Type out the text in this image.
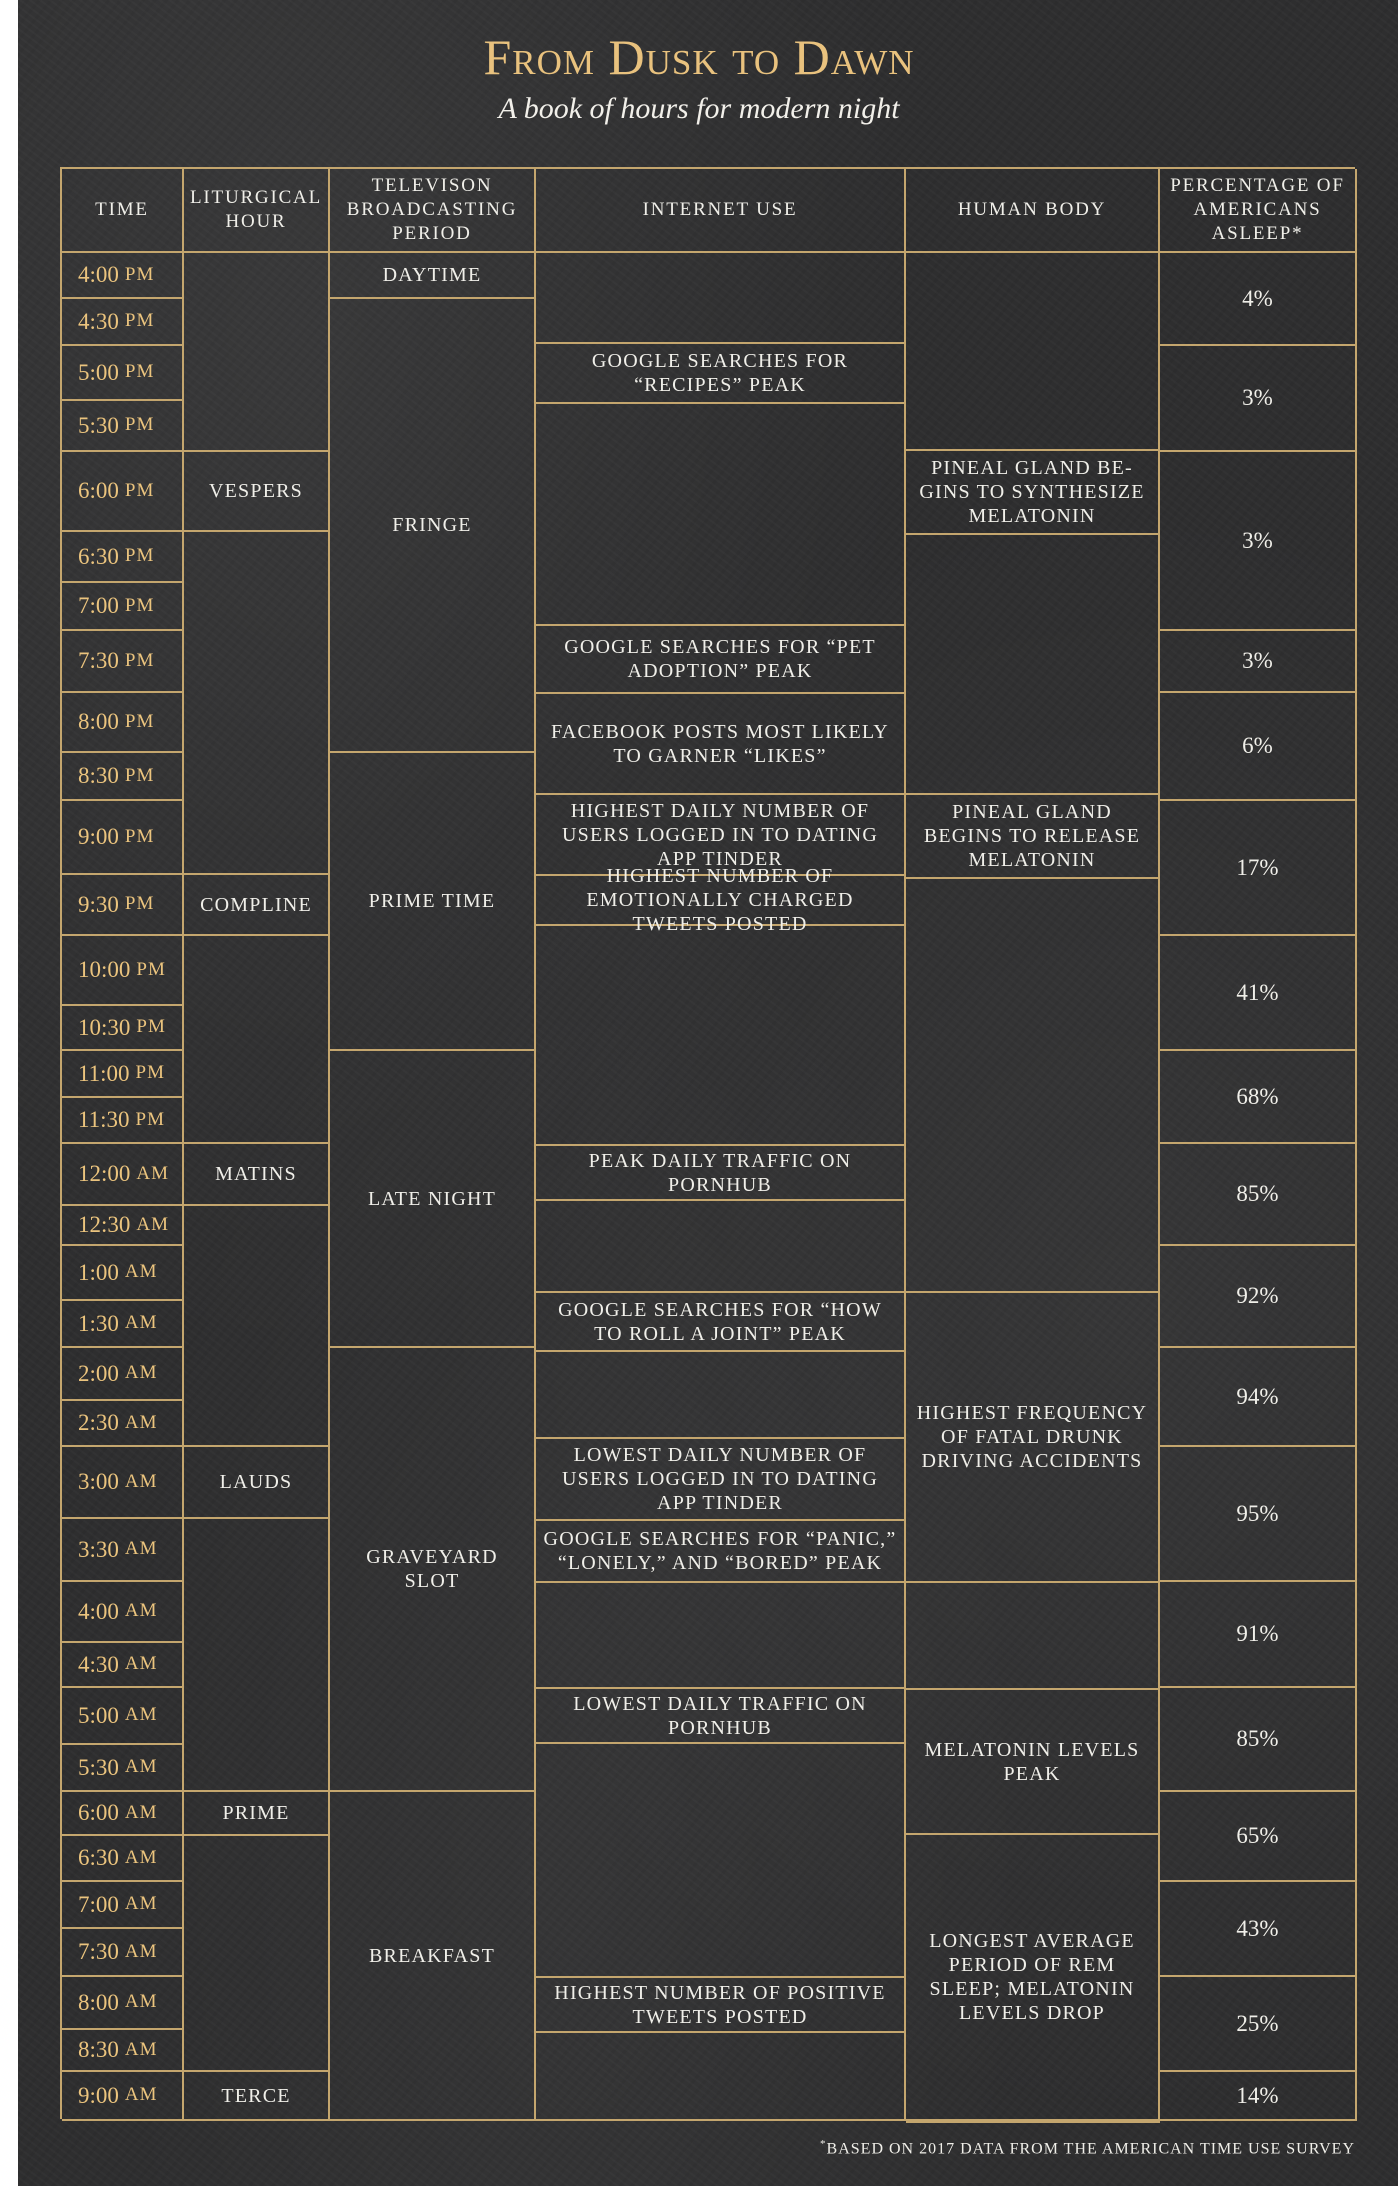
From Dusk to Dawn
A book of hours for modern night
TIME
LITURGICAL HOUR
TELEVISON BROADCASTING PERIOD
INTERNET USE	HUMAN BODY
PERCENTAGE OF AMERICANS ASLEEP*
4:00 PM
4:30 PM
5:00 PM
5:30 PM
6:00 PM
6:30 PM
7:00 PM
7:30 PM
8:00 PM
8:30 PM
9:00 PM
9:30 PM
10:00 PM
10:30 PM
11:00 PM
11:30 PM
12:00 AM
12:30 AM
1:00 AM
1:30 AM
2:00 AM
2:30 AM
3:00 AM
3:30 AM
4:00 AM
4:30 AM
5:00 AM
5:30 AM
6:00 AM
6:30 AM
7:00 AM
7:30 AM
8:00 AM
8:30 AM
9:00 AM
VESPERS
COMPLINE
MATINS
LAUDS
PRIME
TERCE
DAYTIME
FRINGE
PRIME TIME
LATE NIGHT
GRAVEYARD SLOT
BREAKFAST
GOOGLE SEARCHES FOR “RECIPES” PEAK
GOOGLE SEARCHES FOR “PET ADOPTION” PEAK
FACEBOOK POSTS MOST LIKELY TO GARNER “LIKES”
HIGHEST DAILY NUMBER OF USERS LOGGED IN TO DATING APP TINDER
HIGHEST NUMBER OF EMOTIONALLY CHARGED TWEETS POSTED
PEAK DAILY TRAFFIC ON PORNHUB
GOOGLE SEARCHES FOR “HOW TO ROLL A JOINT” PEAK
LOWEST DAILY NUMBER OF USERS LOGGED IN TO DATING APP TINDER
GOOGLE SEARCHES FOR “PANIC,” “LONELY,” AND “BORED” PEAK
LOWEST DAILY TRAFFIC ON PORNHUB
HIGHEST NUMBER OF POSITIVE TWEETS POSTED
PINEAL GLAND BE-GINS TO SYNTHESIZE MELATONIN
PINEAL GLAND BEGINS TO RELEASE MELATONIN
HIGHEST FREQUENCY OF FATAL DRUNK DRIVING ACCIDENTS
MELATONIN LEVELS PEAK
LONGEST AVERAGE PERIOD OF REM SLEEP; MELATONIN LEVELS DROP
4%
3%
3%
3%
6%
17%
41%
68%
85%
92%
94%
95%
91%
85%
65%
43%
25%
14%
*BASED ON 2017 DATA FROM THE AMERICAN TIME USE SURVEY
